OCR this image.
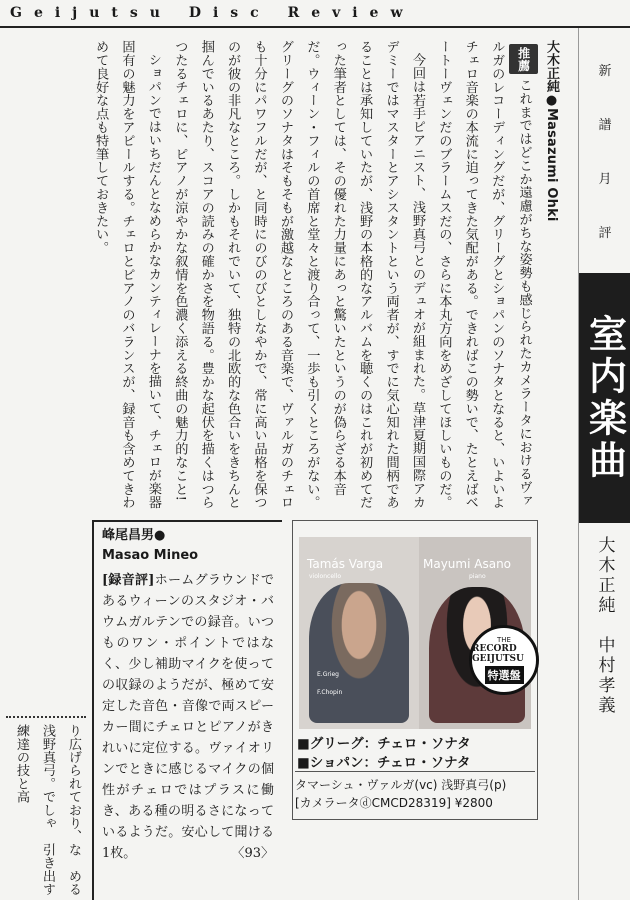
Geijutsu Disc Review
新
譜
月
評
室内楽曲
大木正純　中村孝義
大木正純●Masazumi Ohki

推薦これまではどこか遠慮がちな姿勢も感じられたカメラータにおけるヴァルガのレコーディングだが、グリーグとショパンのソナタとなると、いよいよチェロ音楽の本流に迫ってきた気配がある。できればこの勢いで、たとえばベートーヴェンだのブラームスだの、さらに本丸方向をめざしてほしいものだ。

今回は若手ピアニスト、浅野真弓とのデュオが組まれた。草津夏期国際アカデミーではマスターとアシスタントという両者が、すでに気心知れた間柄であることは承知していたが、浅野の本格的なアルバムを聴くのはこれが初めてだった筆者としては、その優れた力量にあっと驚いたというのが偽らざる本音だ。ウィーン・フィルの首席と堂々と渡り合って、一歩も引くところがない。グリーグのソナタはそもそもが激越なところのある音楽で、ヴァルガのチェロも十分にパワフルだが、と同時にのびのびとしなやかで、常に高い品格を保つのが彼の非凡なところ。しかもそれでいて、独特の北欧的な色合いをきちんと掴んでいるあたり、スコアの読みの確かさを物語る。豊かな起伏を描くはつらつたるチェロに、ピアノが涼やかな叙情を色濃く添える終曲の魅力的なこと!

ショパンではいちだんとなめらかなカンティレーナを描いて、チェロが楽器固有の魅力をアピールする。チェロとピアノのバランスが、録音も含めてきわめて良好な点も特筆しておきたい。

峰尾昌男●
Masao Mineo
[録音評]ホームグラウンドであるウィーンのスタジオ・バウムガルテンでの録音。いつものワン・ポイントではなく、少し補助マイクを使っての収録のようだが、極めて安定した音色・音像で両スピーカー間にチェロとピアノがきれいに定位する。ヴァイオリンでときに感じるマイクの個性がチェロではプラスに働き、ある種の明るさになっているようだ。安心して聞ける1枚。	〈93〉
Tamás Varga
violoncello
Mayumi Asano
piano
E.Grieg
F.Chopin
THE
RECORD GEIJUTSU
特選盤
■グリーグ：チェロ・ソナタ
■ショパン：チェロ・ソナタ
タマーシュ・ヴァルガ(vc) 浅野真弓(p)
[カメラータⓓCMCD28319] ¥2800
り広げられており、な　める浅野真弓。でしゃ　引き出す練達の技と高
